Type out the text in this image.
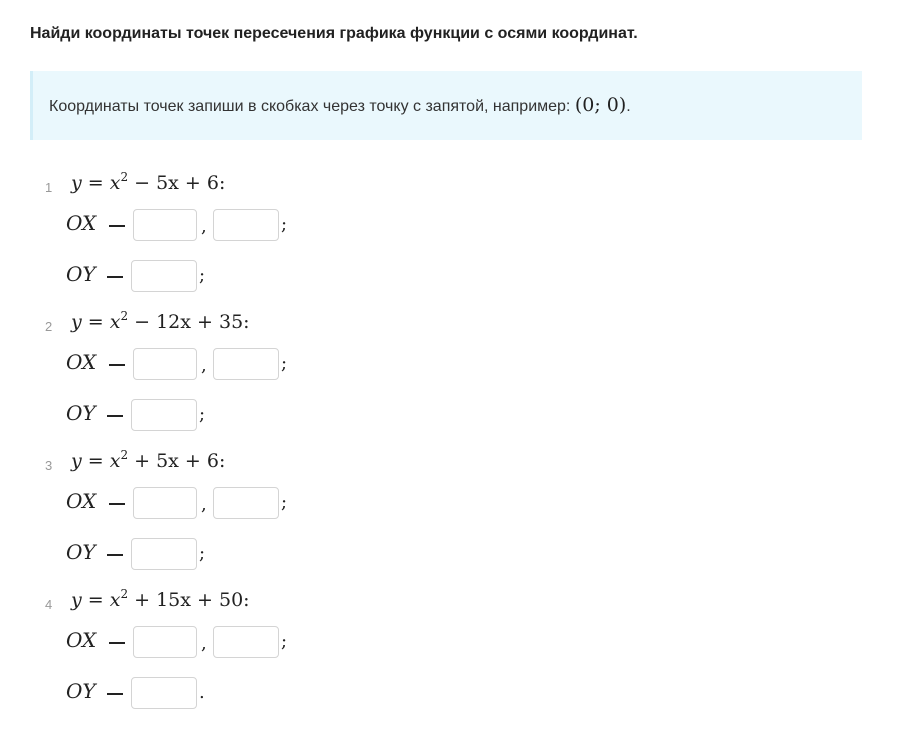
Найди координаты точек пересечения графика функции с осями координат.
Координаты точек запиши в скобках через точку с запятой, например: (0; 0).
1 $y = x^2 - 5x + 6$:
OX	,	;
OY	;
2 $y = x^2 - 12x + 35$:
OX	,	;
OY	;
3 $y = x^2 + 5x + 6$:
OX	,	;
OY	;
4 $y = x^2 + 15x + 50$:
OX	,	;
OY	.
